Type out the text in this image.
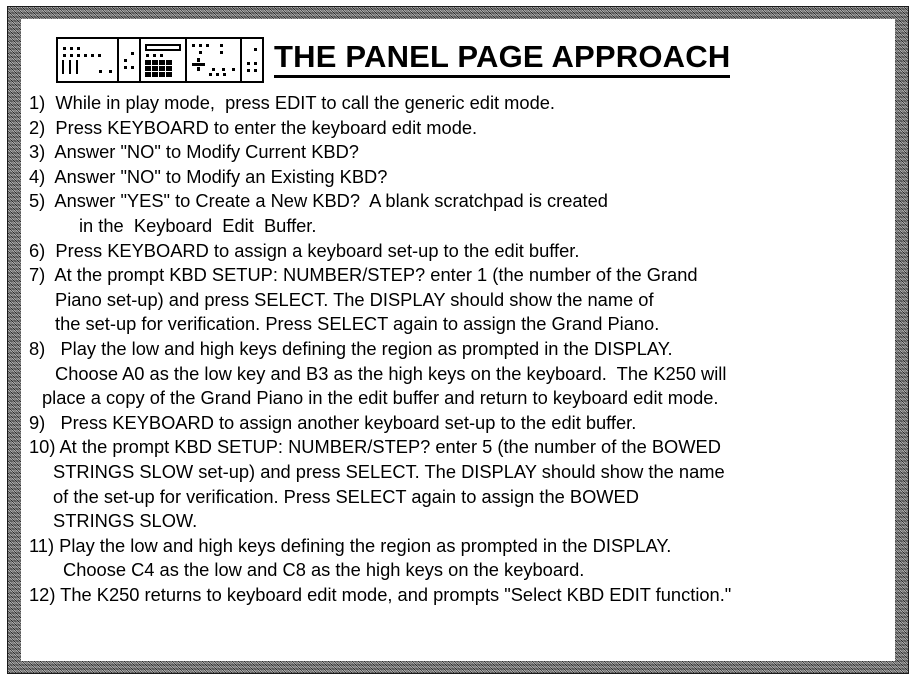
THE PANEL PAGE APPROACH
1)  While in play mode,  press EDIT to call the generic edit mode.
2)  Press KEYBOARD to enter the keyboard edit mode.
3)  Answer "NO" to Modify Current KBD?
4)  Answer "NO" to Modify an Existing KBD?
5)  Answer "YES" to Create a New KBD?  A blank scratchpad is created
in the  Keyboard  Edit  Buffer.
6)  Press KEYBOARD to assign a keyboard set-up to the edit buffer.
7)  At the prompt KBD SETUP: NUMBER/STEP? enter 1 (the number of the Grand
Piano set-up) and press SELECT. The DISPLAY should show the name of
the set-up for verification. Press SELECT again to assign the Grand Piano.
8)   Play the low and high keys defining the region as prompted in the DISPLAY.
Choose A0 as the low key and B3 as the high keys on the keyboard.  The K250 will
place a copy of the Grand Piano in the edit buffer and return to keyboard edit mode.
9)   Press KEYBOARD to assign another keyboard set-up to the edit buffer.
10) At the prompt KBD SETUP: NUMBER/STEP? enter 5 (the number of the BOWED
STRINGS SLOW set-up) and press SELECT. The DISPLAY should show the name
of the set-up for verification. Press SELECT again to assign the BOWED
STRINGS SLOW.
11) Play the low and high keys defining the region as prompted in the DISPLAY.
Choose C4 as the low and C8 as the high keys on the keyboard.
12) The K250 returns to keyboard edit mode, and prompts "Select KBD EDIT function."
